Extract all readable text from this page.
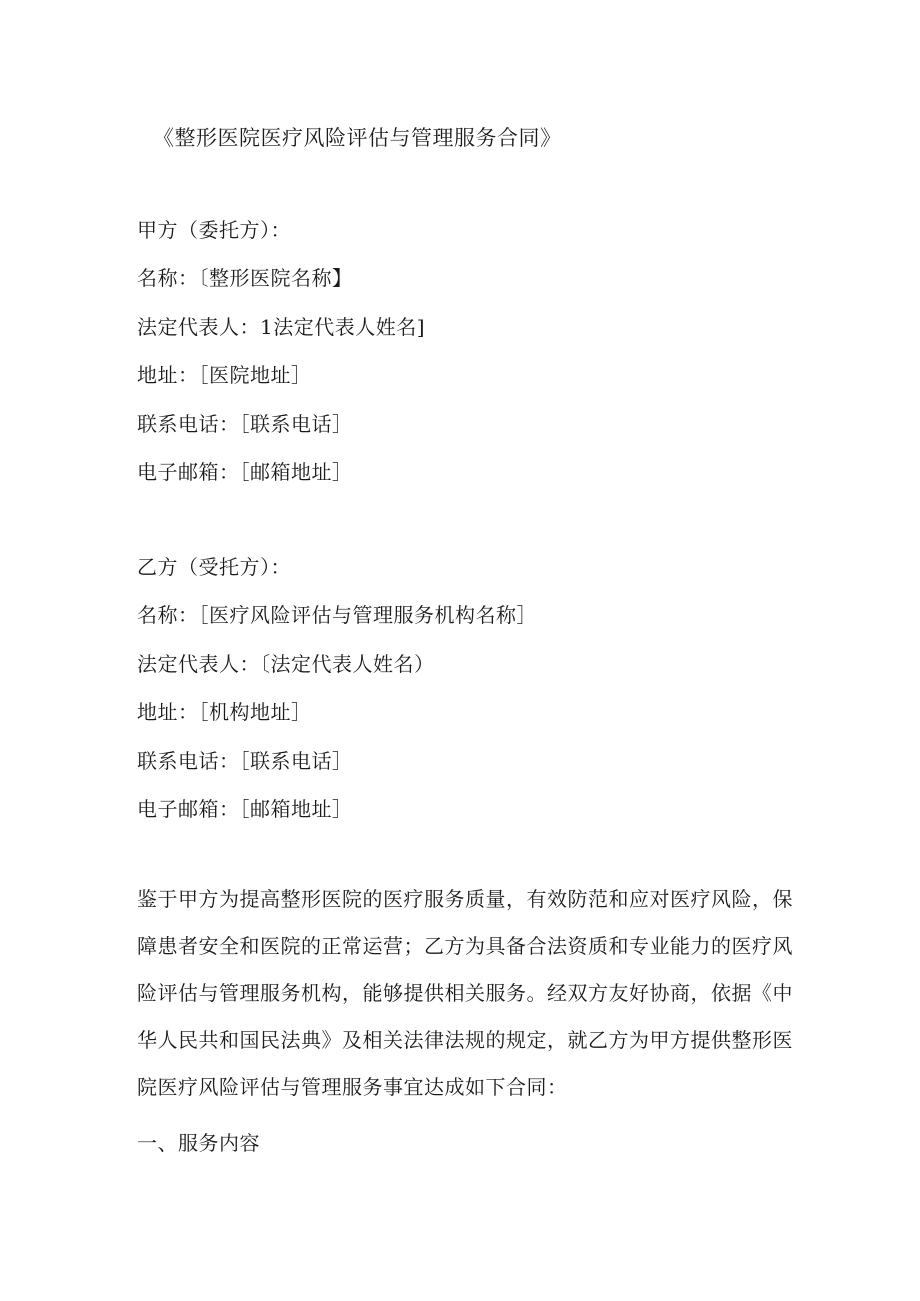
《整形医院医疗风险评估与管理服务合同》
甲方（委托方）：
名称：〔整形医院名称】
法定代表人：1法定代表人姓名]
地址：［医院地址］
联系电话：［联系电话］
电子邮箱：［邮箱地址］
乙方（受托方）：
名称：［医疗风险评估与管理服务机构名称］
法定代表人：〔法定代表人姓名）
地址：［机构地址］
联系电话：［联系电话］
电子邮箱：［邮箱地址］
鉴于甲方为提高整形医院的医疗服务质量，有效防范和应对医疗风险，保
障患者安全和医院的正常运营；乙方为具备合法资质和专业能力的医疗风
险评估与管理服务机构，能够提供相关服务。经双方友好协商，依据《中
华人民共和国民法典》及相关法律法规的规定，就乙方为甲方提供整形医
院医疗风险评估与管理服务事宜达成如下合同：
一、服务内容
